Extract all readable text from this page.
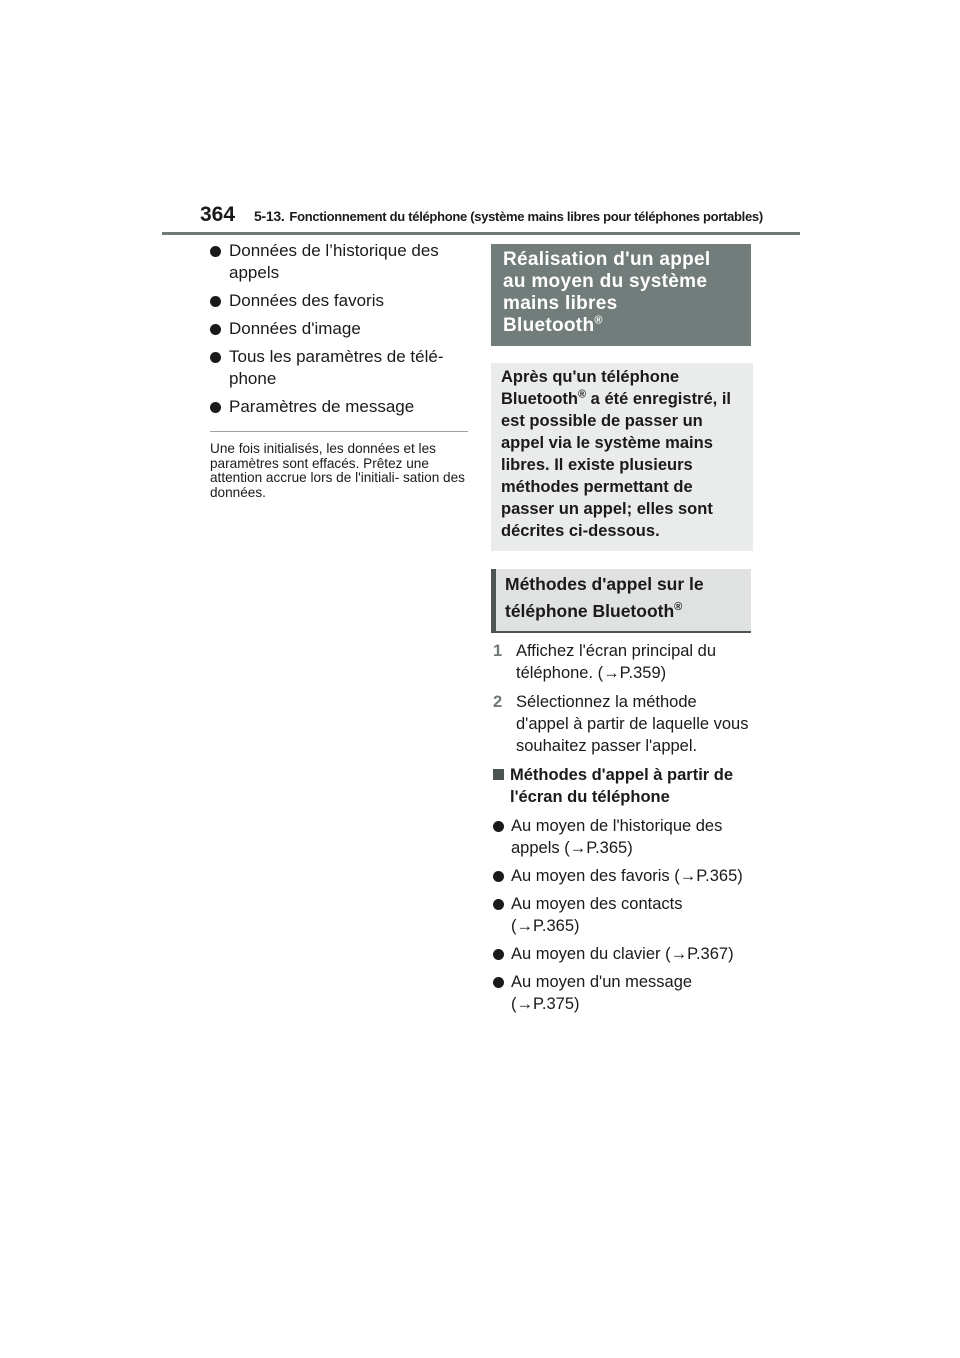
364 5-13. Fonctionnement du téléphone (système mains libres pour téléphones portables)
Données de l’historique des appels
Données des favoris
Données d'image
Tous les paramètres de télé- phone
Paramètres de message
Une fois initialisés, les données et les paramètres sont effacés. Prêtez une attention accrue lors de l'initiali- sation des données.
Réalisation d'un appel
au moyen du système
mains libres
Bluetooth®
Après qu'un téléphone Bluetooth® a été enregistré, il est possible de passer un appel via le système mains libres. Il existe plusieurs méthodes permettant de passer un appel; elles sont décrites ci-dessous.
Méthodes d'appel sur le
téléphone Bluetooth®
1 Affichez l'écran principal du téléphone. (→P.359)
2 Sélectionnez la méthode d'appel à partir de laquelle vous souhaitez passer l'appel.
Méthodes d'appel à partir de l'écran du téléphone
Au moyen de l'historique des appels (→P.365)
Au moyen des favoris (→P.365)
Au moyen des contacts (→P.365)
Au moyen du clavier (→P.367)
Au moyen d'un message (→P.375)
